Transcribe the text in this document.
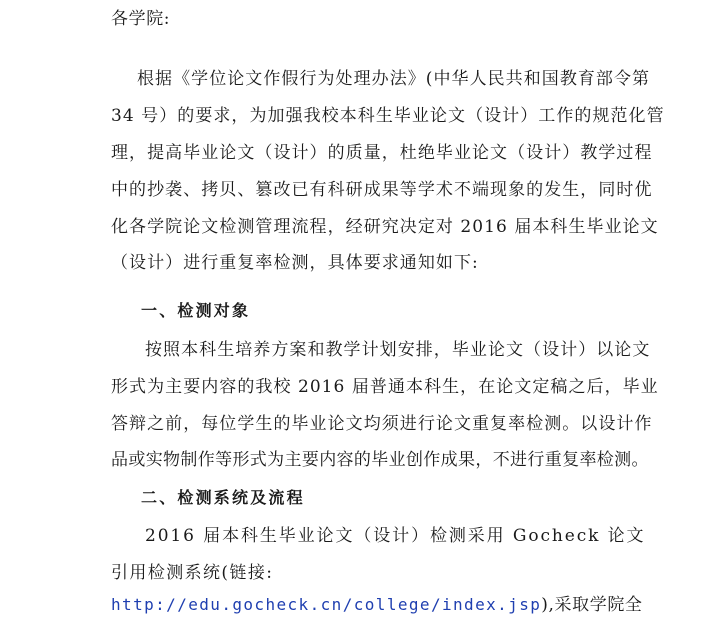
各学院:
根据《学位论文作假行为处理办法》(中华人民共和国教育部令第
34 号）的要求，为加强我校本科生毕业论文（设计）工作的规范化管
理，提高毕业论文（设计）的质量，杜绝毕业论文（设计）教学过程
中的抄袭、拷贝、篡改已有科研成果等学术不端现象的发生，同时优
化各学院论文检测管理流程，经研究决定对 2016 届本科生毕业论文
（设计）进行重复率检测，具体要求通知如下:
一、检测对象
按照本科生培养方案和教学计划安排，毕业论文（设计）以论文
形式为主要内容的我校 2016 届普通本科生，在论文定稿之后，毕业
答辩之前，每位学生的毕业论文均须进行论文重复率检测。以设计作
品或实物制作等形式为主要内容的毕业创作成果，不进行重复率检测。
二、检测系统及流程
2016 届本科生毕业论文（设计）检测采用 Gocheck 论文
引用检测系统(链接:
http://edu.gocheck.cn/college/index.jsp),采取学院全
